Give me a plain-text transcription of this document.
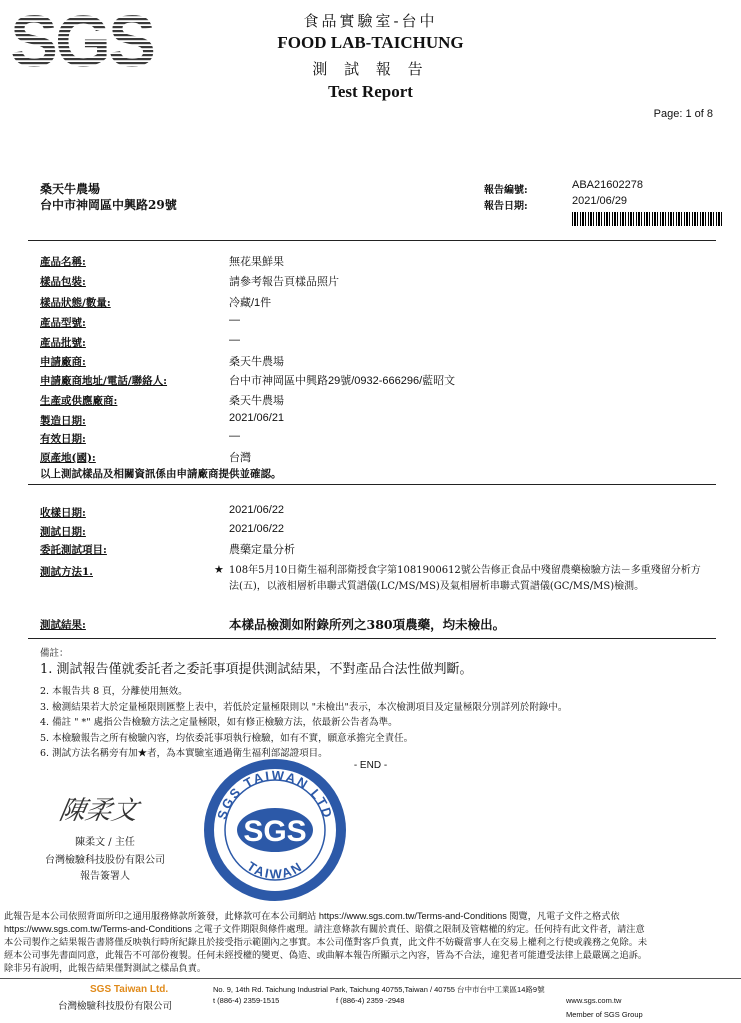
SGS	食品實驗室-台中
FOOD LAB-TAICHUNG
測 試 報 告
Test Report
Page: 1 of 8
桑天牛農場
台中市神岡區中興路29號
報告編號:	ABA21602278
報告日期:	2021/06/29
產品名稱:	無花果鮮果
樣品包裝:	請參考報告頁樣品照片
樣品狀態/數量:	冷藏/1件
產品型號:	—
產品批號:	—
申請廠商:	桑天牛農場
申請廠商地址/電話/聯絡人:	台中市神岡區中興路29號/0932-666296/藍昭文
生產或供應廠商:	桑天牛農場
製造日期:	2021/06/21
有效日期:	—
原產地(國):	台灣
以上測試樣品及相關資訊係由申請廠商提供並確認。
收樣日期:	2021/06/22
測試日期:	2021/06/22
委託測試項目:	農藥定量分析
測試方法1.	★ 108年5月10日衛生福利部衛授食字第1081900612號公告修正食品中殘留農藥檢驗方法－多重殘留分析方法(五)，以液相層析串聯式質譜儀(LC/MS/MS)及氣相層析串聯式質譜儀(GC/MS/MS)檢測。
測試結果:	本樣品檢測如附錄所列之380項農藥，均未檢出。
備註：
1. 測試報告僅就委託者之委託事項提供測試結果，不對產品合法性做判斷。
2. 本報告共 8 頁，分離使用無效。
3. 檢測結果若大於定量極限則匯整上表中，若低於定量極限則以 "未檢出"表示，本次檢測項目及定量極限分別詳列於附錄中。
4. 備註 " *" 處指公告檢驗方法之定量極限，如有修正檢驗方法，依最新公告者為準。
5. 本檢驗報告之所有檢驗內容，均依委託事項執行檢驗，如有不實，願意承擔完全責任。
6. 測試方法名稱旁有加★者，為本實驗室通過衛生福利部認證項目。
- END -
陳柔文
陳柔文 / 主任
台灣檢驗科技股份有限公司
報告簽署人
SGS TAIWAN LTD
TAIWAN
SGS
此報告是本公司依照背面所印之通用服務條款所簽發，此條款可在本公司網站 https://www.sgs.com.tw/Terms-and-Conditions 閱覽，凡電子文件之格式依
https://www.sgs.com.tw/Terms-and-Conditions 之電子文件期限與條件處理。請注意條款有關於責任、賠償之限制及管轄權的約定。任何持有此文件者，請注意
本公司製作之結果報告書將僅反映執行時所紀錄且於接受指示範圍內之事實。本公司僅對客戶負責，此文件不妨礙當事人在交易上權利之行使或義務之免除。未
經本公司事先書面同意，此報告不可部份複製。任何未經授權的變更、偽造、或曲解本報告所顯示之內容，皆為不合法，違犯者可能遭受法律上最嚴厲之追訴。
除非另有說明，此報告結果僅對測試之樣品負責。
SGS Taiwan Ltd.
台灣檢驗科技股份有限公司
No. 9, 14th Rd. Taichung Industrial Park, Taichung 40755,Taiwan / 40755 台中市台中工業區14路9號
t (886-4) 2359-1515	f (886-4) 2359 -2948	www.sgs.com.tw
Member of SGS Group
